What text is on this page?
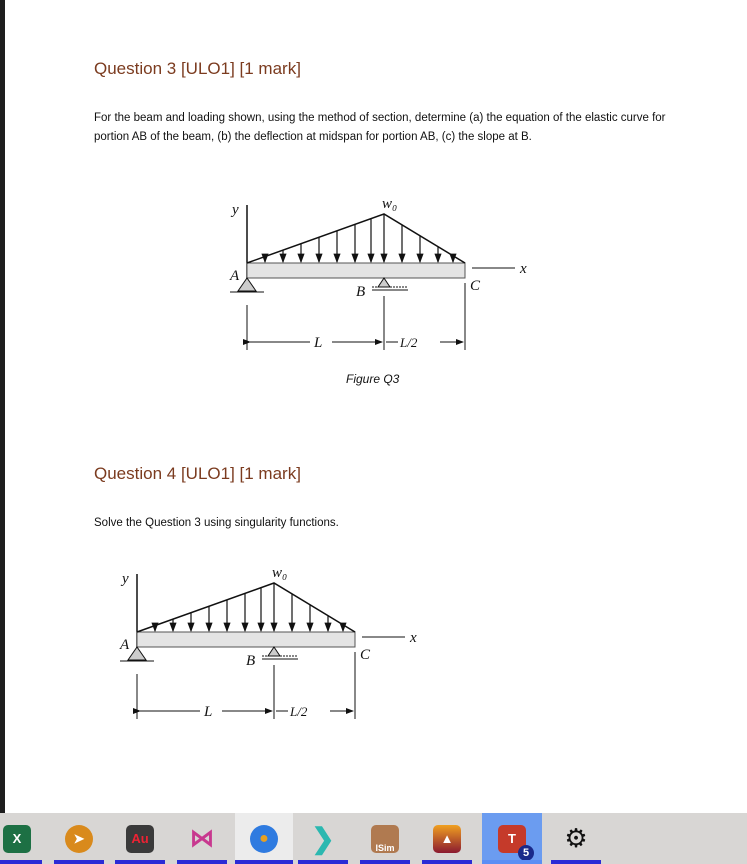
Question 3 [ULO1] [1 mark]
For the beam and loading shown, using the method of section, determine (a) the equation of the elastic curve for portion AB of the beam, (b) the deflection at midspan for portion AB, (c) the slope at B.
w₀
y
x
A
B	C
L	L/2
w₀
y
x
A
B	C
L	L/2
Figure Q3
Question 4 [ULO1] [1 mark]
Solve the Question 3 using singularity functions.
X	➤	Au ⋈	●	❯	ISim
▲	T
5 ⚙
